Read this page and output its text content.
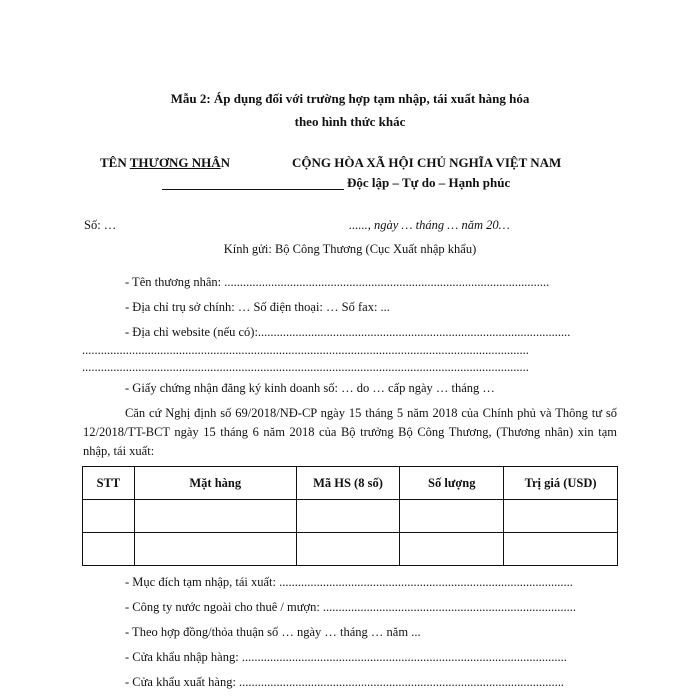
Mẫu 2: Áp dụng đối với trường hợp tạm nhập, tái xuất hàng hóa
theo hình thức khác
TÊN THƯƠNG NHÂN	CỘNG HÒA XÃ HỘI CHỦ NGHĨA VIỆT NAM
Độc lập – Tự do – Hạnh phúc
Số: …	......, ngày … tháng … năm 20…
Kính gửi: Bộ Công Thương (Cục Xuất nhập khẩu)
- Tên thương nhân: ........................................................................................................
- Địa chỉ trụ sở chính: … Số điện thoại: … Số fax: ...
- Địa chỉ website (nếu có):....................................................................................................
...............................................................................................................................................
...............................................................................................................................................
- Giấy chứng nhận đăng ký kinh doanh số: … do … cấp ngày … tháng …
Căn cứ Nghị định số 69/2018/NĐ-CP ngày 15 tháng 5 năm 2018 của Chính phủ và Thông tư số 12/2018/TT-BCT ngày 15 tháng 6 năm 2018 của Bộ trưởng Bộ Công Thương, (Thương nhân) xin tạm nhập, tái xuất:
STT	Mặt hàng	Mã HS (8 số)	Số lượng	Trị giá (USD)

- Mục đích tạm nhập, tái xuất: ..............................................................................................
- Công ty nước ngoài cho thuê / mượn: .................................................................................
- Theo hợp đồng/thỏa thuận số … ngày … tháng … năm ...
- Cửa khẩu nhập hàng: ........................................................................................................
- Cửa khẩu xuất hàng: ........................................................................................................
